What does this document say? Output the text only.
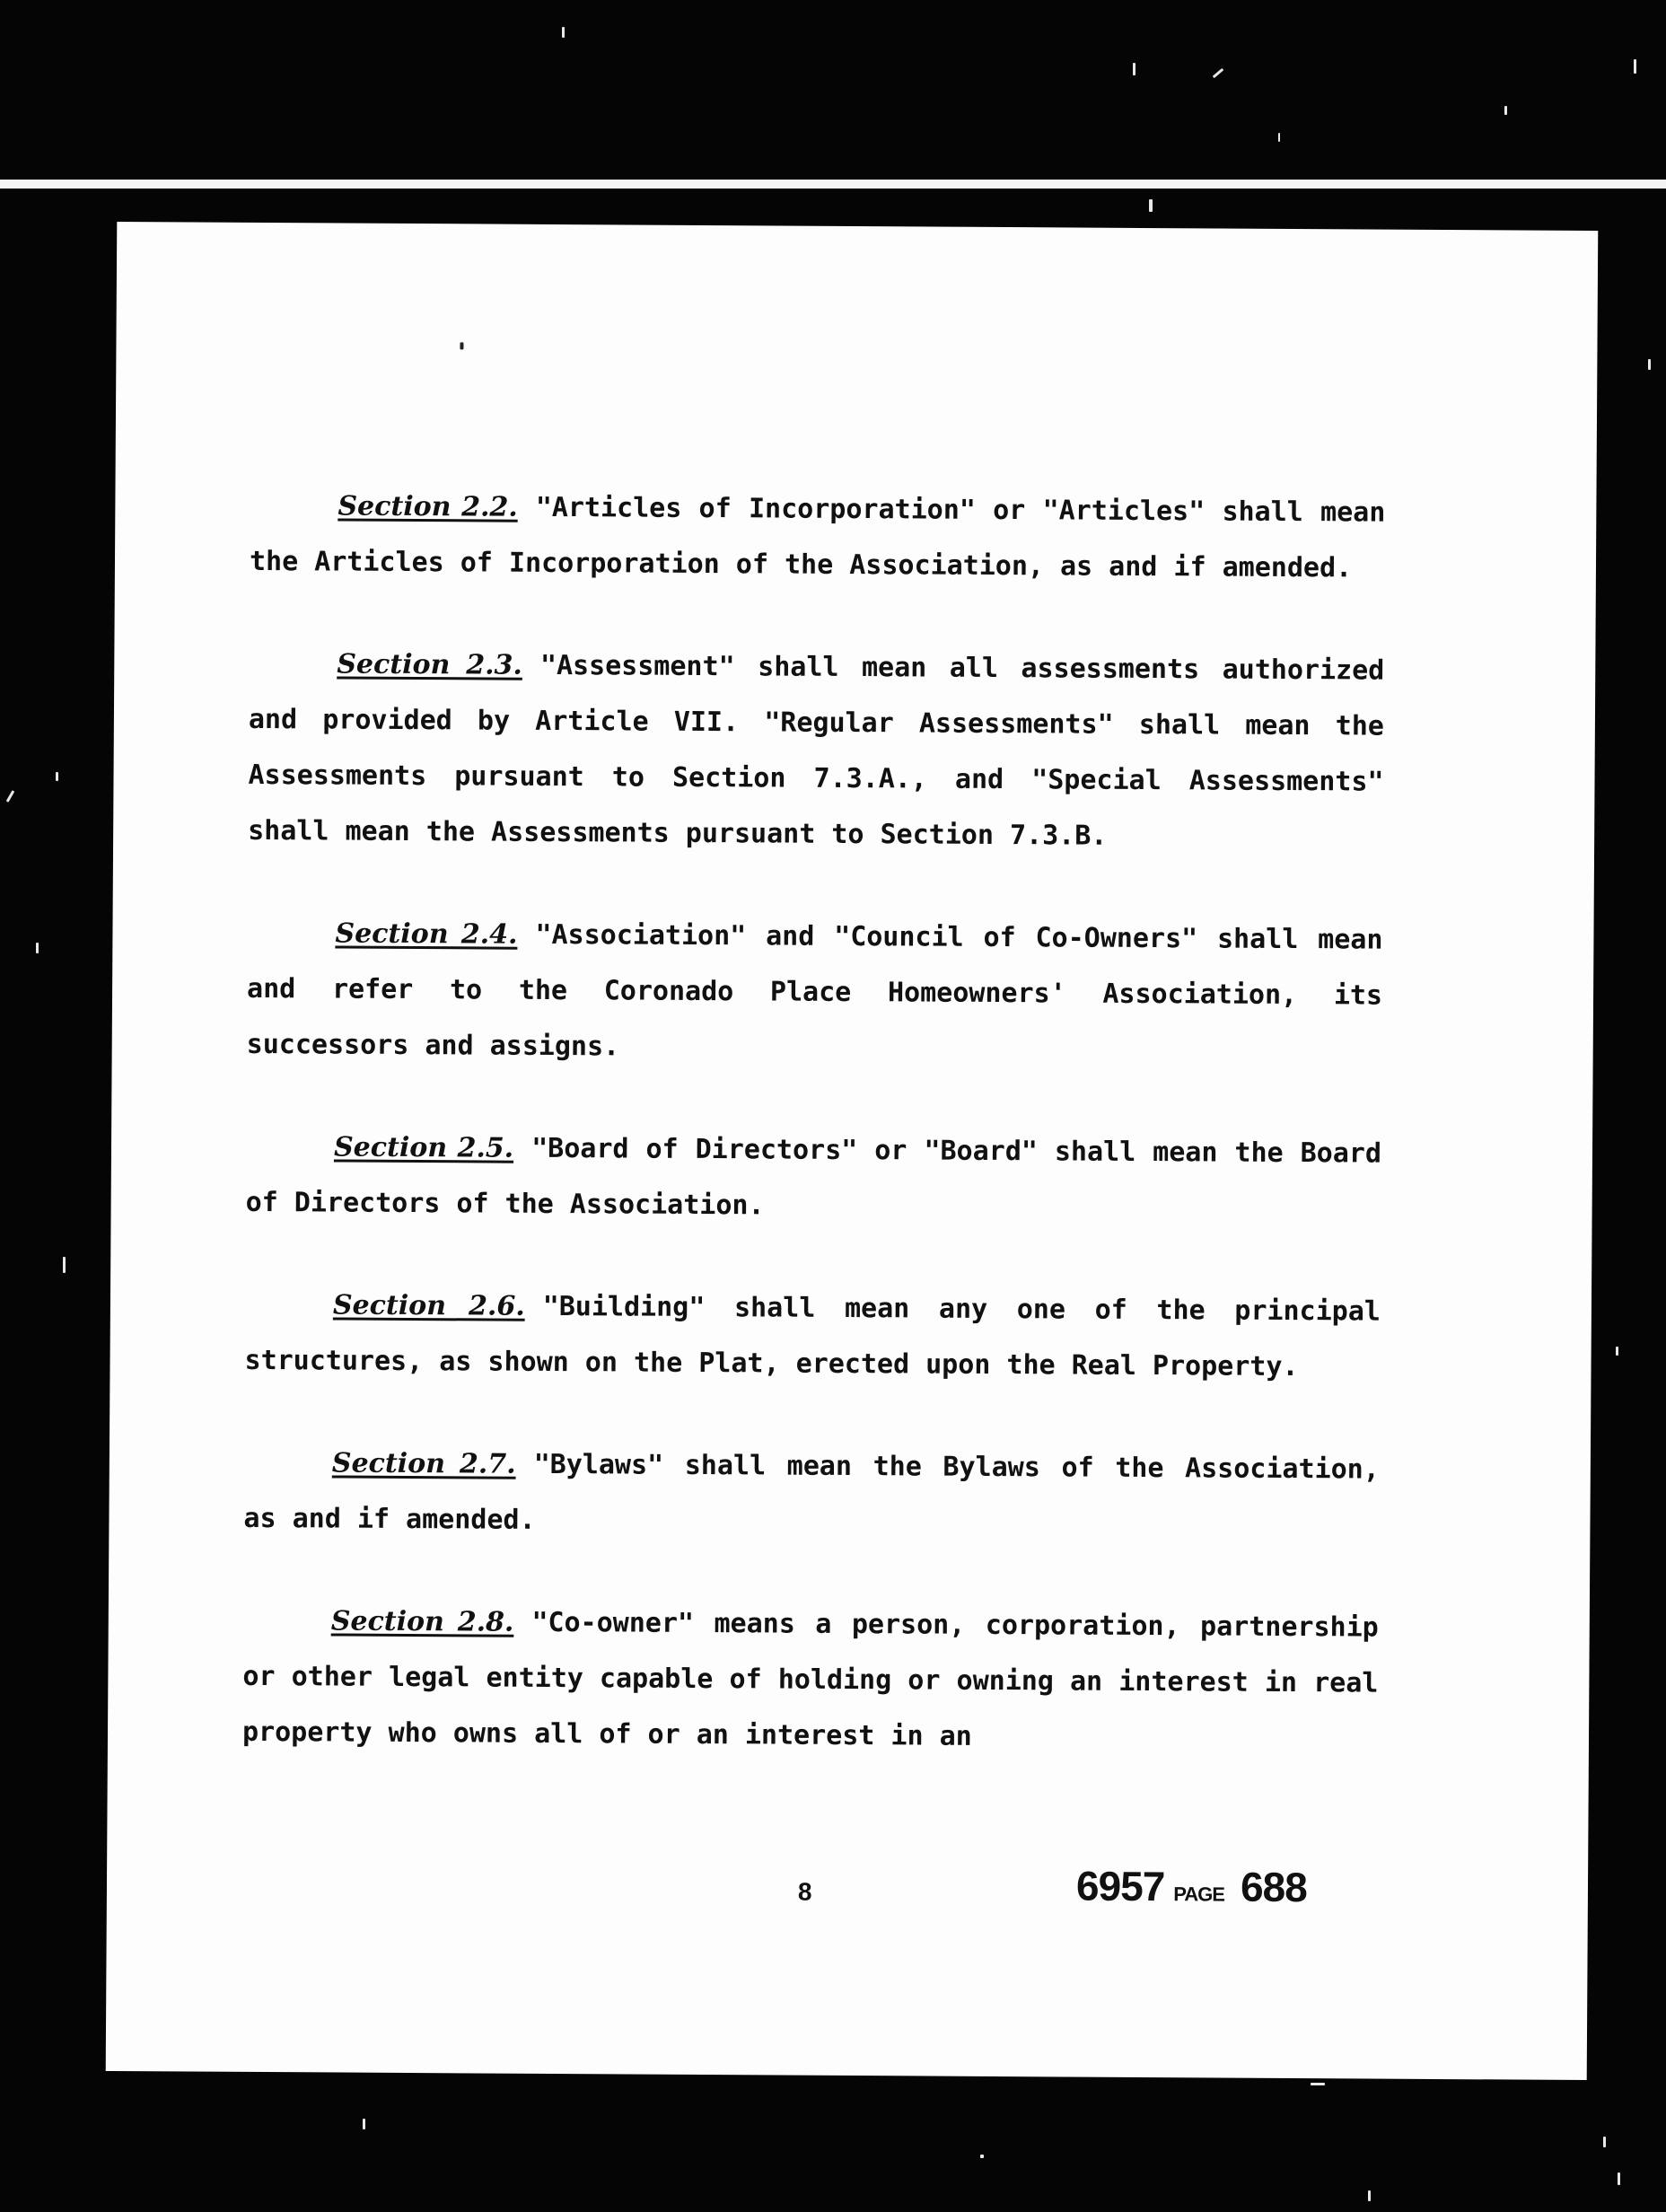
Section 2.2. "Articles of Incorporation" or "Articles" shall mean the Articles of Incorporation of the Association, as and if amended.

Section 2.3. "Assessment" shall mean all assessments authorized and provided by Article VII. "Regular Assessments" shall mean the Assessments pursuant to Section 7.3.A., and "Special Assessments" shall mean the Assessments pursuant to Section 7.3.B.

Section 2.4. "Association" and "Council of Co-Owners" shall mean and refer to the Coronado Place Homeowners' Association, its successors and assigns.

Section 2.5. "Board of Directors" or "Board" shall mean the Board of Directors of the Association.

Section 2.6. "Building" shall mean any one of the principal structures, as shown on the Plat, erected upon the Real Property.

Section 2.7. "Bylaws" shall mean the Bylaws of the Association, as and if amended.

Section 2.8. "Co-owner" means a person, corporation, partnership or other legal entity capable of holding or owning an interest in real property who owns all of or an interest in an

8	6957 PAGE 688
